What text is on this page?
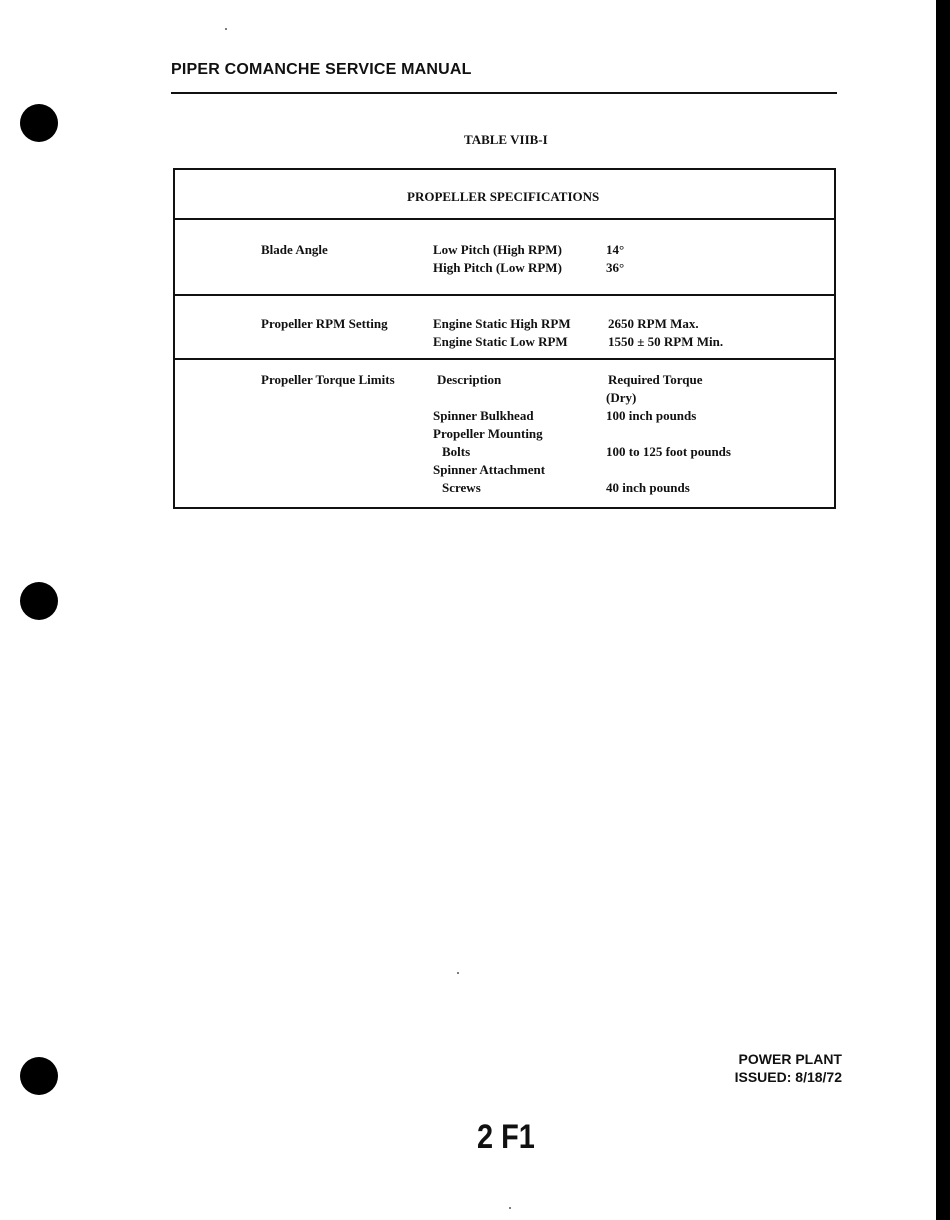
PIPER COMANCHE SERVICE MANUAL
TABLE VIIB-I
PROPELLER SPECIFICATIONS
Blade Angle	Low Pitch (High RPM)	14°
High Pitch (Low RPM)	36°
Propeller RPM Setting	Engine Static High RPM	2650 RPM Max.
Engine Static Low RPM	1550 ± 50 RPM Min.
Propeller Torque Limits	Description	Required Torque
(Dry)
Spinner Bulkhead	100 inch pounds
Propeller Mounting
Bolts	100 to 125 foot pounds
Spinner Attachment
Screws	40 inch pounds
POWER PLANT
ISSUED: 8/18/72
2 F1
